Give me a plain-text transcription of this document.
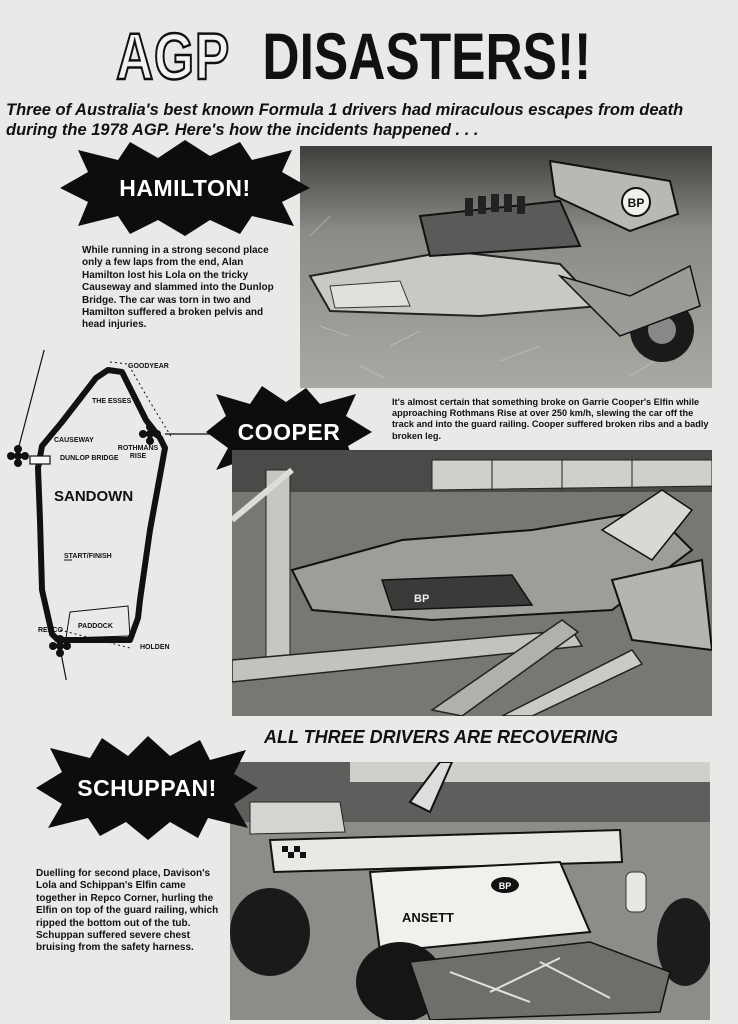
AGP DISASTERS!!
Three of Australia's best known Formula 1 drivers had miraculous escapes from death during the 1978 AGP. Here's how the incidents happened . . .
BP
HAMILTON!
While running in a strong second place only a few laps from the end, Alan Hamilton lost his Lola on the tricky Causeway and slammed into the Dunlop Bridge. The car was torn in two and Hamilton suffered a broken pelvis and head injuries.
GOODYEAR
THE ESSES
CAUSEWAY
DUNLOP BRIDGE
ROTHMANS RISE
SANDOWN
START/FINISH
PADDOCK
REPCO
HOLDEN
COOPER
It's almost certain that something broke on Garrie Cooper's Elfin while approaching Rothmans Rise at over 250 km/h, slewing the car off the track and into the guard railing. Cooper suffered broken ribs and a badly broken leg.
BP
ALL THREE DRIVERS ARE RECOVERING
BP
ANSETT
SCHUPPAN!
Duelling for second place, Davison's Lola and Schippan's Elfin came together in Repco Corner, hurling the Elfin on top of the guard railing, which ripped the bottom out of the tub. Schuppan suffered severe chest bruising from the safety harness.
